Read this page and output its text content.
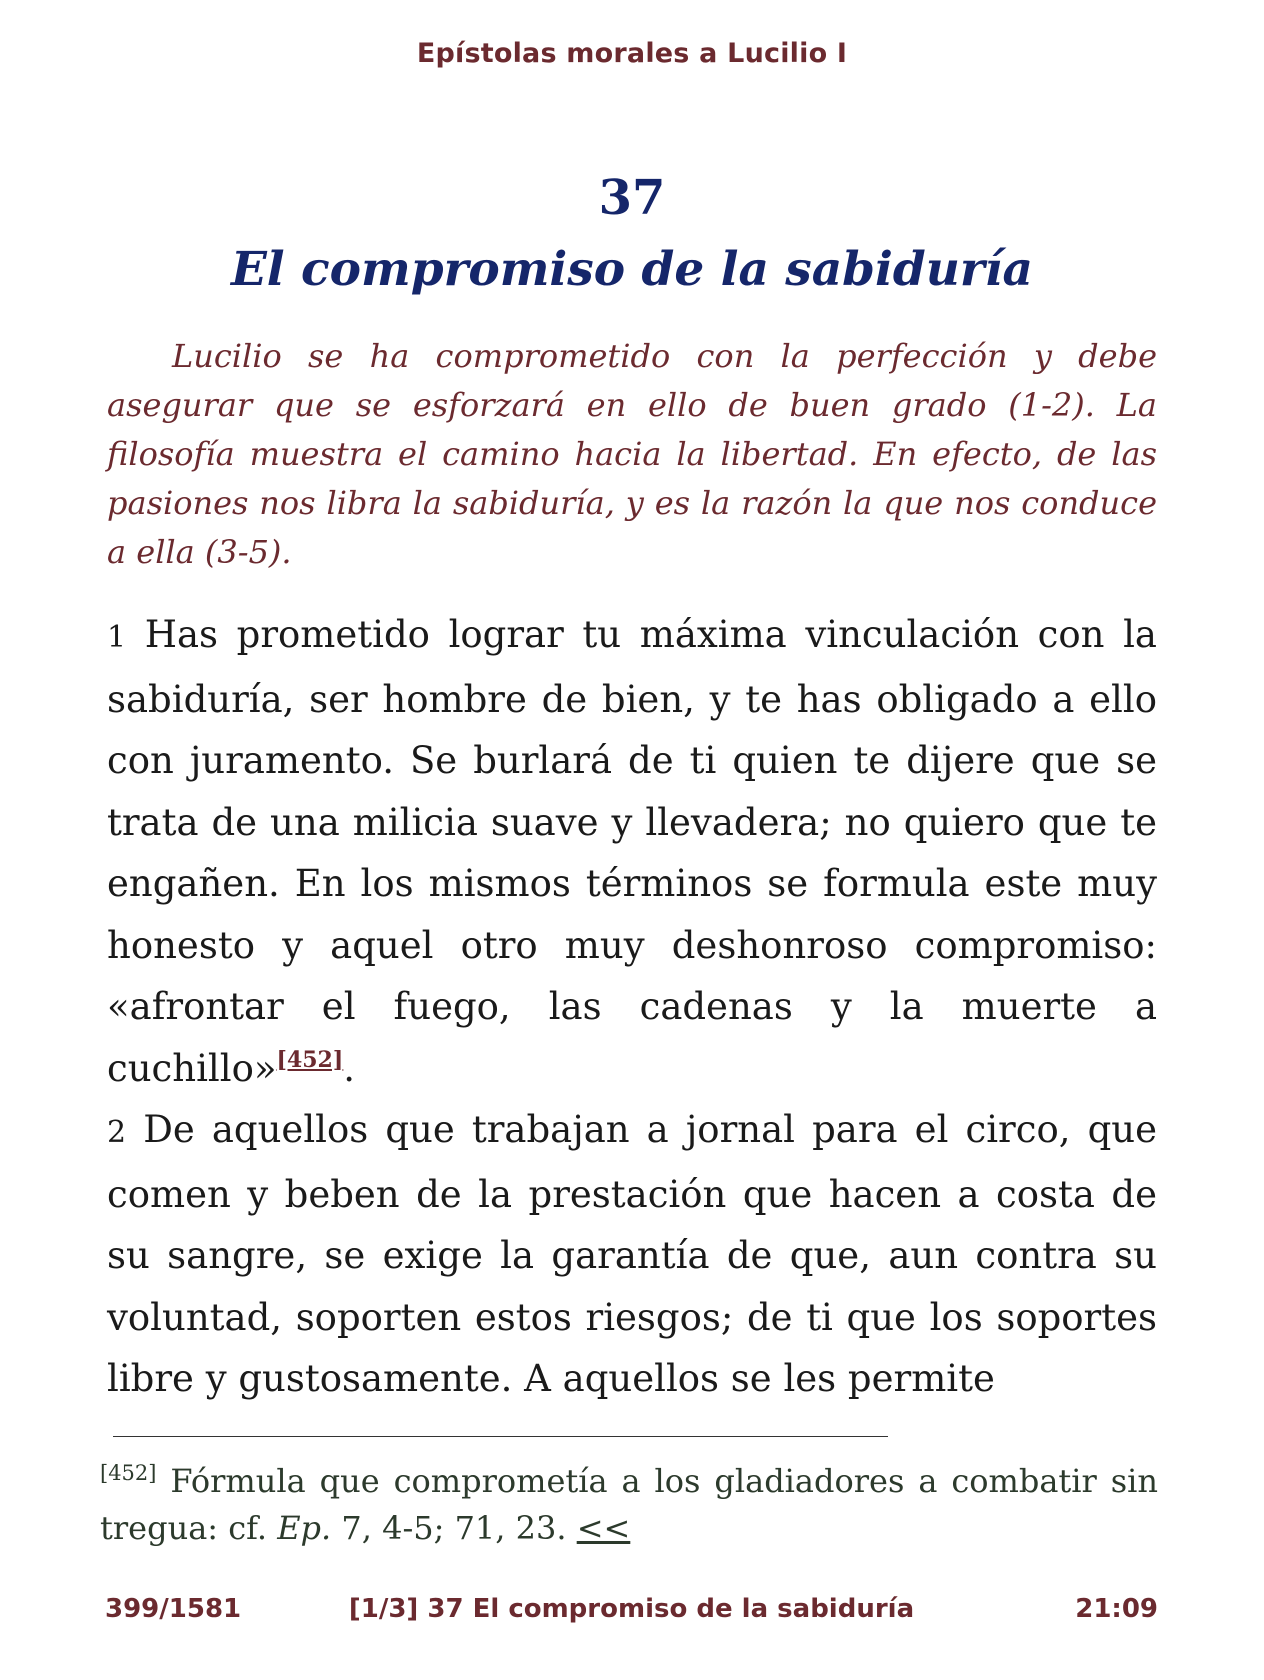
Epístolas morales a Lucilio I
37
El compromiso de la sabiduría

Lucilio se ha comprometido con la perfección y debe asegurar que se esforzará en ello de buen grado (1-2). La filosofía muestra el camino hacia la libertad. En efecto, de las pasiones nos libra la sabiduría, y es la razón la que nos conduce a ella (3-5).

1 Has prometido lograr tu máxima vinculación con la sabiduría, ser hombre de bien, y te has obligado a ello con juramento. Se burlará de ti quien te dijere que se trata de una milicia suave y llevadera; no quiero que te engañen. En los mismos términos se formula este muy honesto y aquel otro muy deshonroso compromiso: «afrontar el fuego, las cadenas y la muerte a cuchillo»[452].

2 De aquellos que trabajan a jornal para el circo, que comen y beben de la prestación que hacen a costa de su sangre, se exige la garantía de que, aun contra su voluntad, soporten estos riesgos; de ti que los soportes libre y gustosamente. A aquellos se les permite

[452] Fórmula que comprometía a los gladiadores a combatir sin tregua: cf. Ep. 7, 4-5; 71, 23. <<

399/1581	[1/3] 37 El compromiso de la sabiduría	21:09
